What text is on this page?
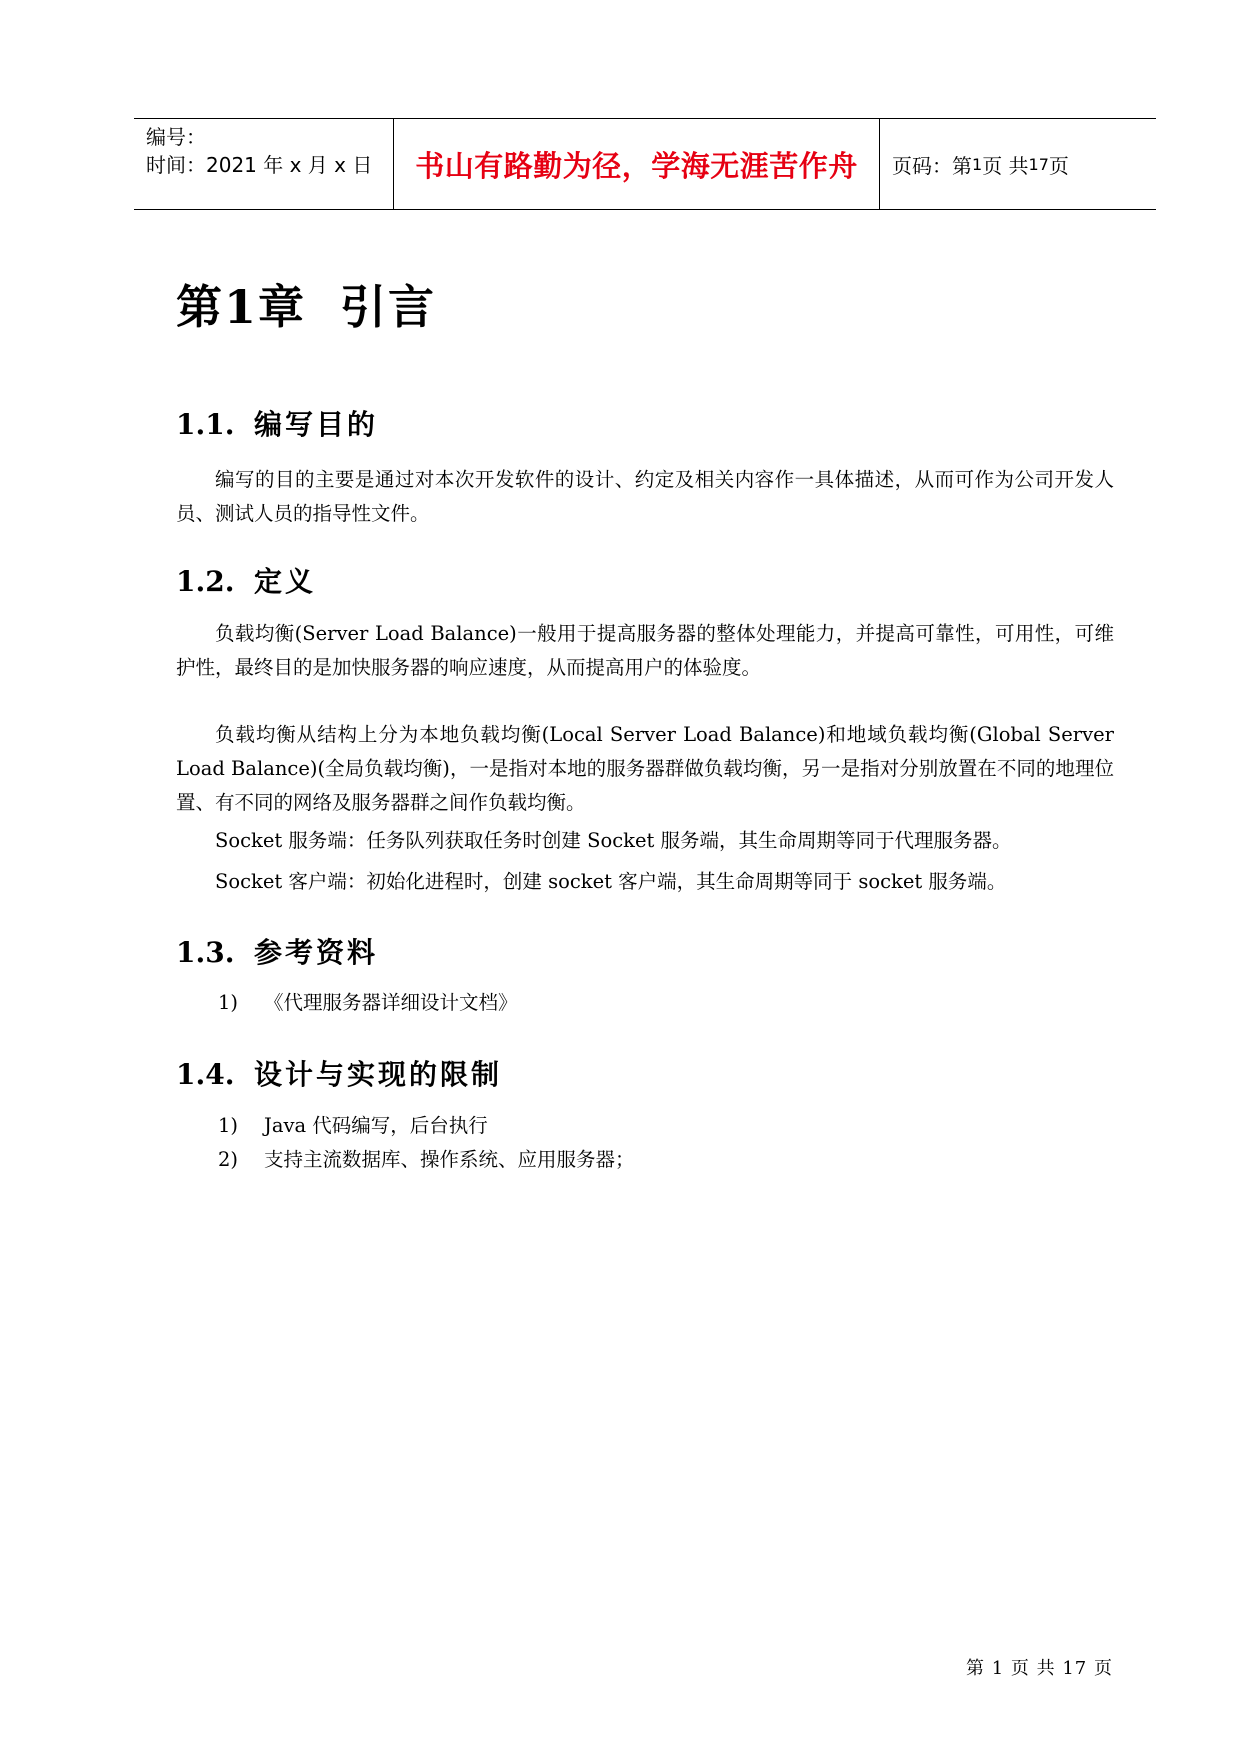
编号：
时间：2021 年 x 月 x 日	书山有路勤为径，学海无涯苦作舟	页码：第 1 页 共 17 页
第1章 引言
1.1. 编写目的

编写的目的主要是通过对本次开发软件的设计、约定及相关内容作一具体描述，从而可作为公司开发人员、测试人员的指导性文件。

1.2. 定义

负载均衡(Server Load Balance)一般用于提高服务器的整体处理能力，并提高可靠性，可用性，可维护性，最终目的是加快服务器的响应速度，从而提高用户的体验度。

负载均衡从结构上分为本地负载均衡(Local Server Load Balance)和地域负载均衡(Global Server Load Balance)(全局负载均衡)，一是指对本地的服务器群做负载均衡，另一是指对分别放置在不同的地理位置、有不同的网络及服务器群之间作负载均衡。

Socket 服务端：任务队列获取任务时创建 Socket 服务端，其生命周期等同于代理服务器。

Socket 客户端：初始化进程时，创建 socket 客户端，其生命周期等同于 socket 服务端。

1.3. 参考资料

1) 《代理服务器详细设计文档》

1.4. 设计与实现的限制

1) Java 代码编写，后台执行

2) 支持主流数据库、操作系统、应用服务器；

第 1 页 共 17 页
